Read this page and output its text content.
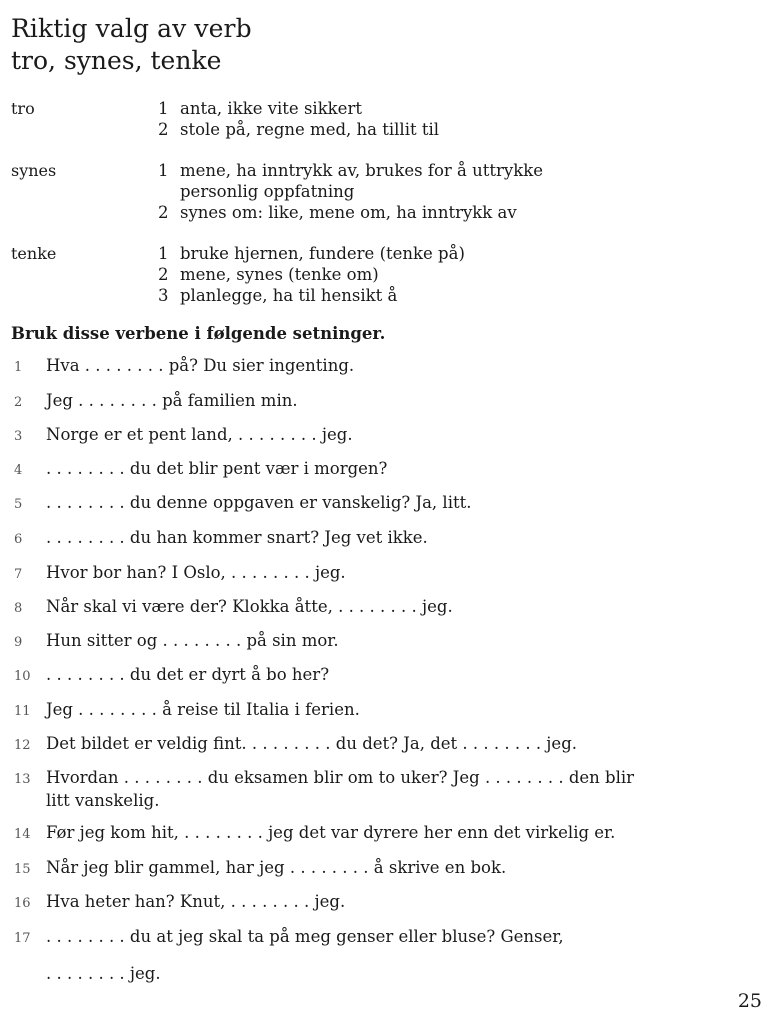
Riktig valg av verb
tro, synes, tenke
tro	1 anta, ikke vite sikkert
2 stole på, regne med, ha tillit til
synes	1 mene, ha inntrykk av, brukes for å uttrykke
personlig oppfatning
2 synes om: like, mene om, ha inntrykk av
tenke	1 bruke hjernen, fundere (tenke på)
2 mene, synes (tenke om)
3 planlegge, ha til hensikt å
Bruk disse verbene i følgende setninger.
1 Hva . . . . . . . . på? Du sier ingenting.
2 Jeg . . . . . . . . på familien min.
3 Norge er et pent land, . . . . . . . . jeg.
4 . . . . . . . . du det blir pent vær i morgen?
5 . . . . . . . . du denne oppgaven er vanskelig? Ja, litt.
6 . . . . . . . . du han kommer snart? Jeg vet ikke.
7 Hvor bor han? I Oslo, . . . . . . . . jeg.
8 Når skal vi være der? Klokka åtte, . . . . . . . . jeg.
9 Hun sitter og . . . . . . . . på sin mor.
10 . . . . . . . . du det er dyrt å bo her?
11 Jeg . . . . . . . . å reise til Italia i ferien.
12 Det bildet er veldig fint. . . . . . . . . du det? Ja, det . . . . . . . . jeg.
13 Hvordan . . . . . . . . du eksamen blir om to uker? Jeg . . . . . . . . den blir
litt vanskelig.
14 Før jeg kom hit, . . . . . . . . jeg det var dyrere her enn det virkelig er.
15 Når jeg blir gammel, har jeg . . . . . . . . å skrive en bok.
16 Hva heter han? Knut, . . . . . . . . jeg.
17 . . . . . . . . du at jeg skal ta på meg genser eller bluse? Genser,
. . . . . . . . jeg.
25
